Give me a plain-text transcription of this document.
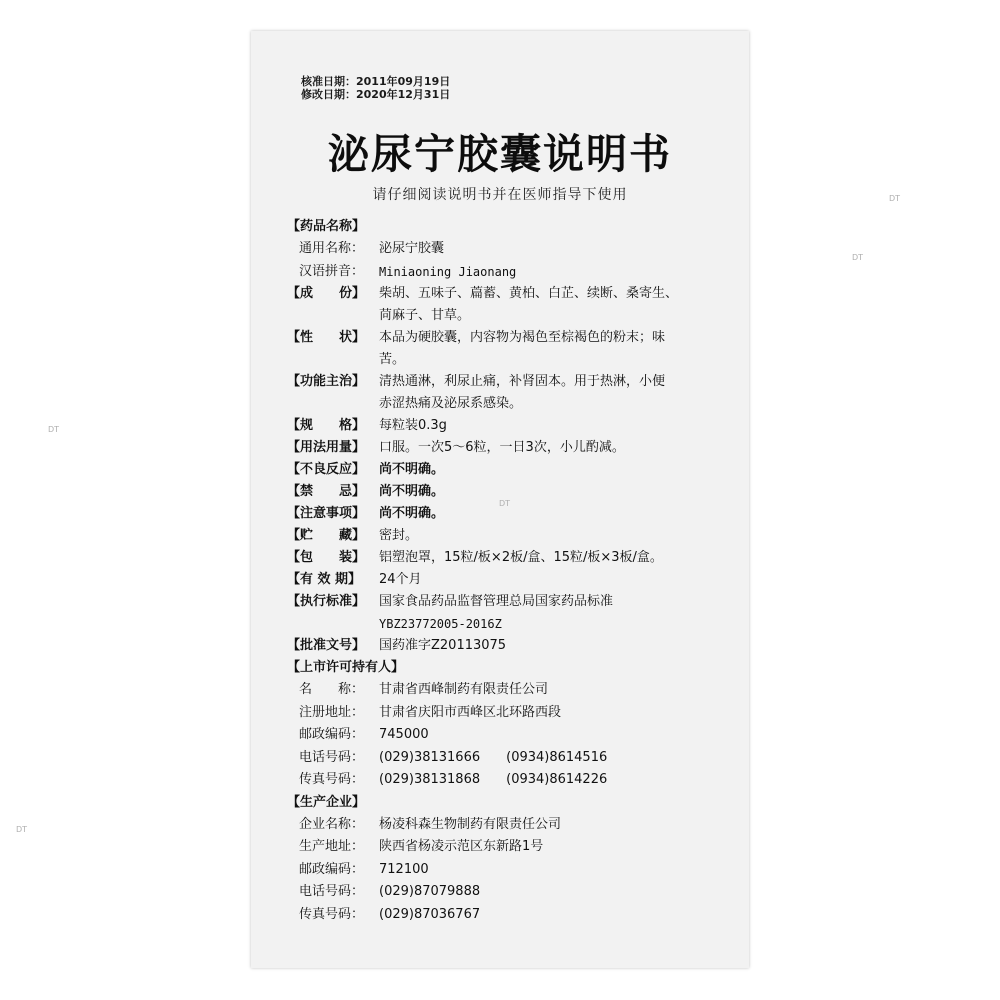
核准日期：2011年09月19日
修改日期：2020年12月31日
泌尿宁胶囊说明书
请仔细阅读说明书并在医师指导下使用
【药品名称】
通用名称：	泌尿宁胶囊
汉语拼音：	Miniaoning Jiaonang
【成　　份】	柴胡、五味子、萹蓄、黄柏、白芷、续断、桑寄生、
苘麻子、甘草。
【性　　状】	本品为硬胶囊，内容物为褐色至棕褐色的粉末；味
苦。
【功能主治】	清热通淋，利尿止痛，补肾固本。用于热淋，小便
赤涩热痛及泌尿系感染。
【规　　格】	每粒装0.3g
【用法用量】	口服。一次5～6粒，一日3次，小儿酌减。
【不良反应】	尚不明确。
【禁　　忌】	尚不明确。
【注意事项】	尚不明确。
【贮　　藏】	密封。
【包　　装】	铝塑泡罩，15粒/板×2板/盒、15粒/板×3板/盒。
【有 效 期】	24个月
【执行标准】	国家食品药品监督管理总局国家药品标准
YBZ23772005-2016Z
【批准文号】	国药准字Z20113075
【上市许可持有人】
名　　称：	甘肃省西峰制药有限责任公司
注册地址：	甘肃省庆阳市西峰区北环路西段
邮政编码：	745000
电话号码：	(029)38131666 (0934)8614516
传真号码：	(029)38131868 (0934)8614226
【生产企业】
企业名称：	杨凌科森生物制药有限责任公司
生产地址：	陕西省杨凌示范区东新路1号
邮政编码：	712100
电话号码：	(029)87079888
传真号码：	(029)87036767
DT
DT
DT
DT
DT
